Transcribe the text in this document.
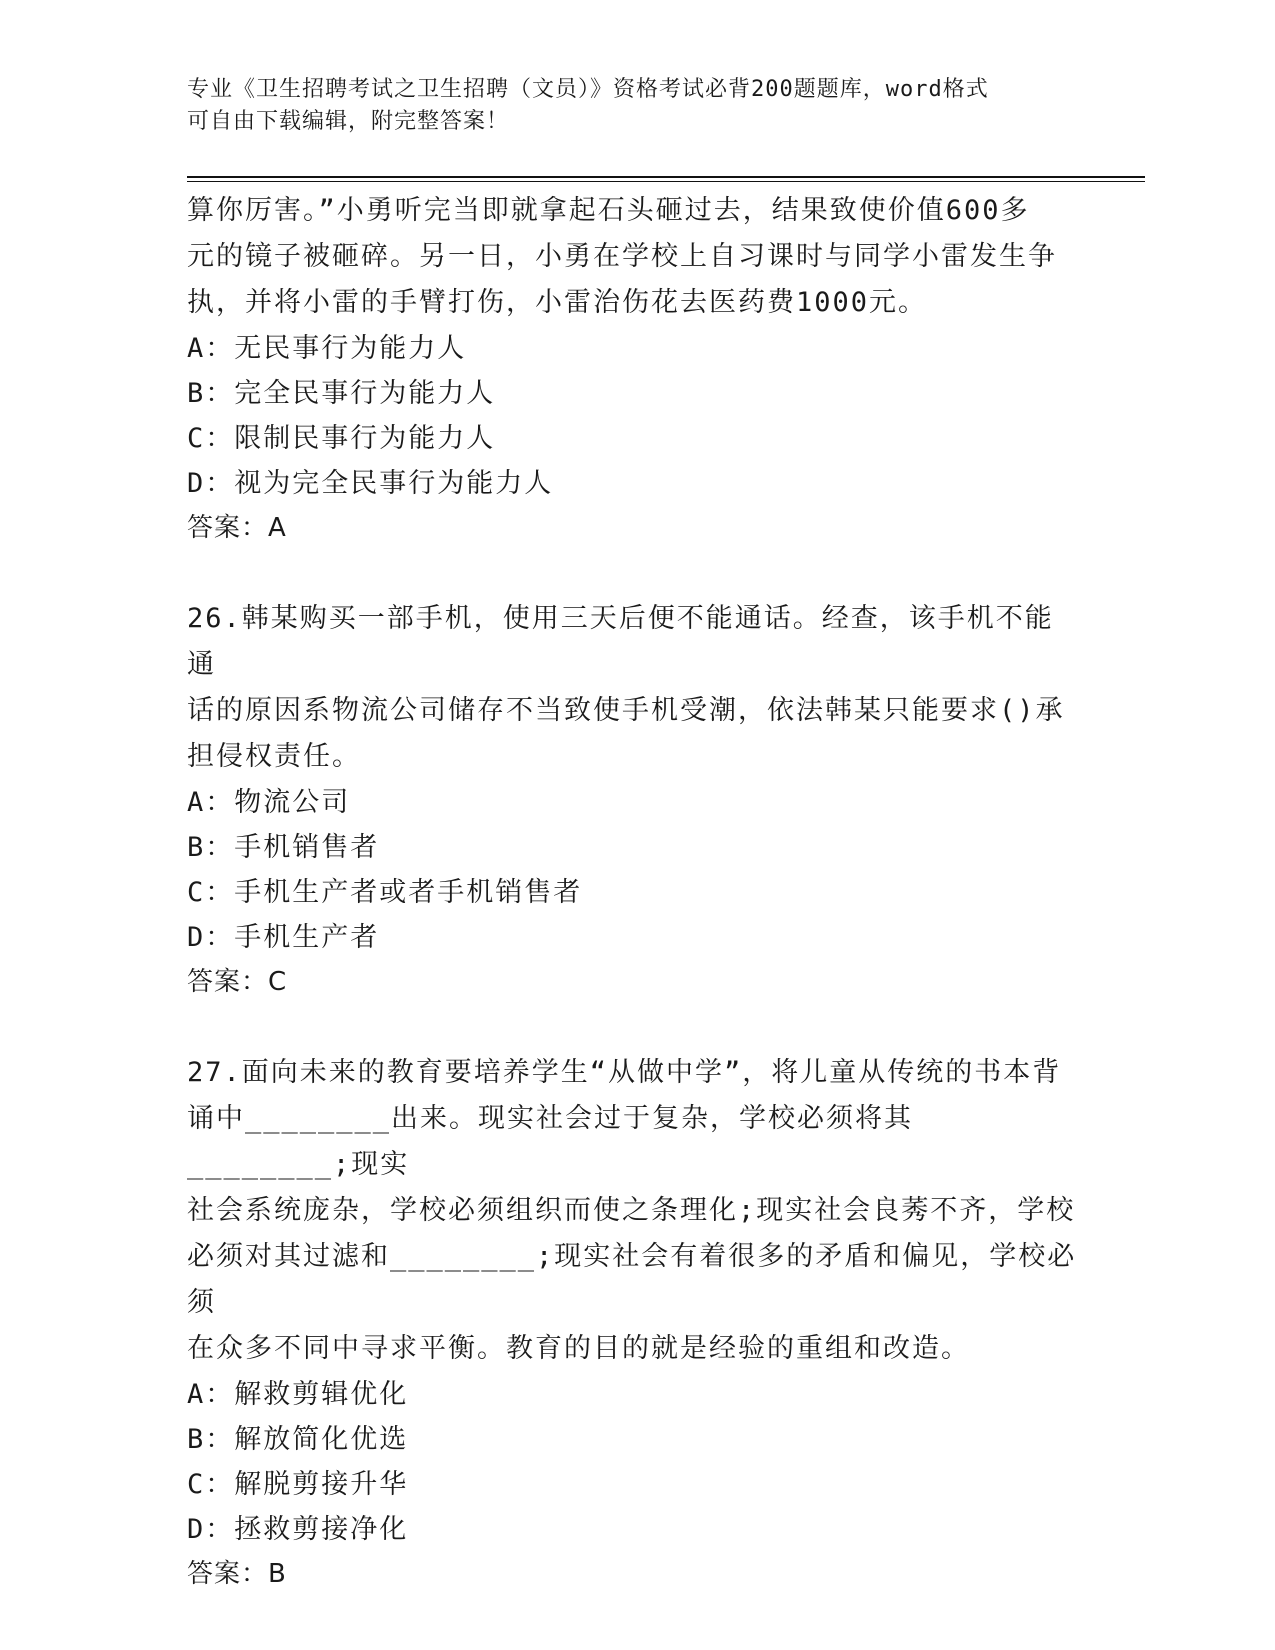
专业《卫生招聘考试之卫生招聘（文员）》资格考试必背200题题库，word格式
可自由下载编辑，附完整答案！

算你厉害。”小勇听完当即就拿起石头砸过去，结果致使价值600多

元的镜子被砸碎。另一日，小勇在学校上自习课时与同学小雷发生争

执，并将小雷的手臂打伤，小雷治伤花去医药费1000元。

A：无民事行为能力人

B：完全民事行为能力人

C：限制民事行为能力人

D：视为完全民事行为能力人

答案：A

26.韩某购买一部手机，使用三天后便不能通话。经查，该手机不能通

话的原因系物流公司储存不当致使手机受潮，依法韩某只能要求()承

担侵权责任。

A：物流公司

B：手机销售者

C：手机生产者或者手机销售者

D：手机生产者

答案：C

27.面向未来的教育要培养学生“从做中学”，将儿童从传统的书本背

诵中________出来。现实社会过于复杂，学校必须将其________;现实

社会系统庞杂，学校必须组织而使之条理化;现实社会良莠不齐，学校

必须对其过滤和________;现实社会有着很多的矛盾和偏见，学校必须

在众多不同中寻求平衡。教育的目的就是经验的重组和改造。

A：解救剪辑优化

B：解放简化优选

C：解脱剪接升华

D：拯救剪接净化

答案：B
